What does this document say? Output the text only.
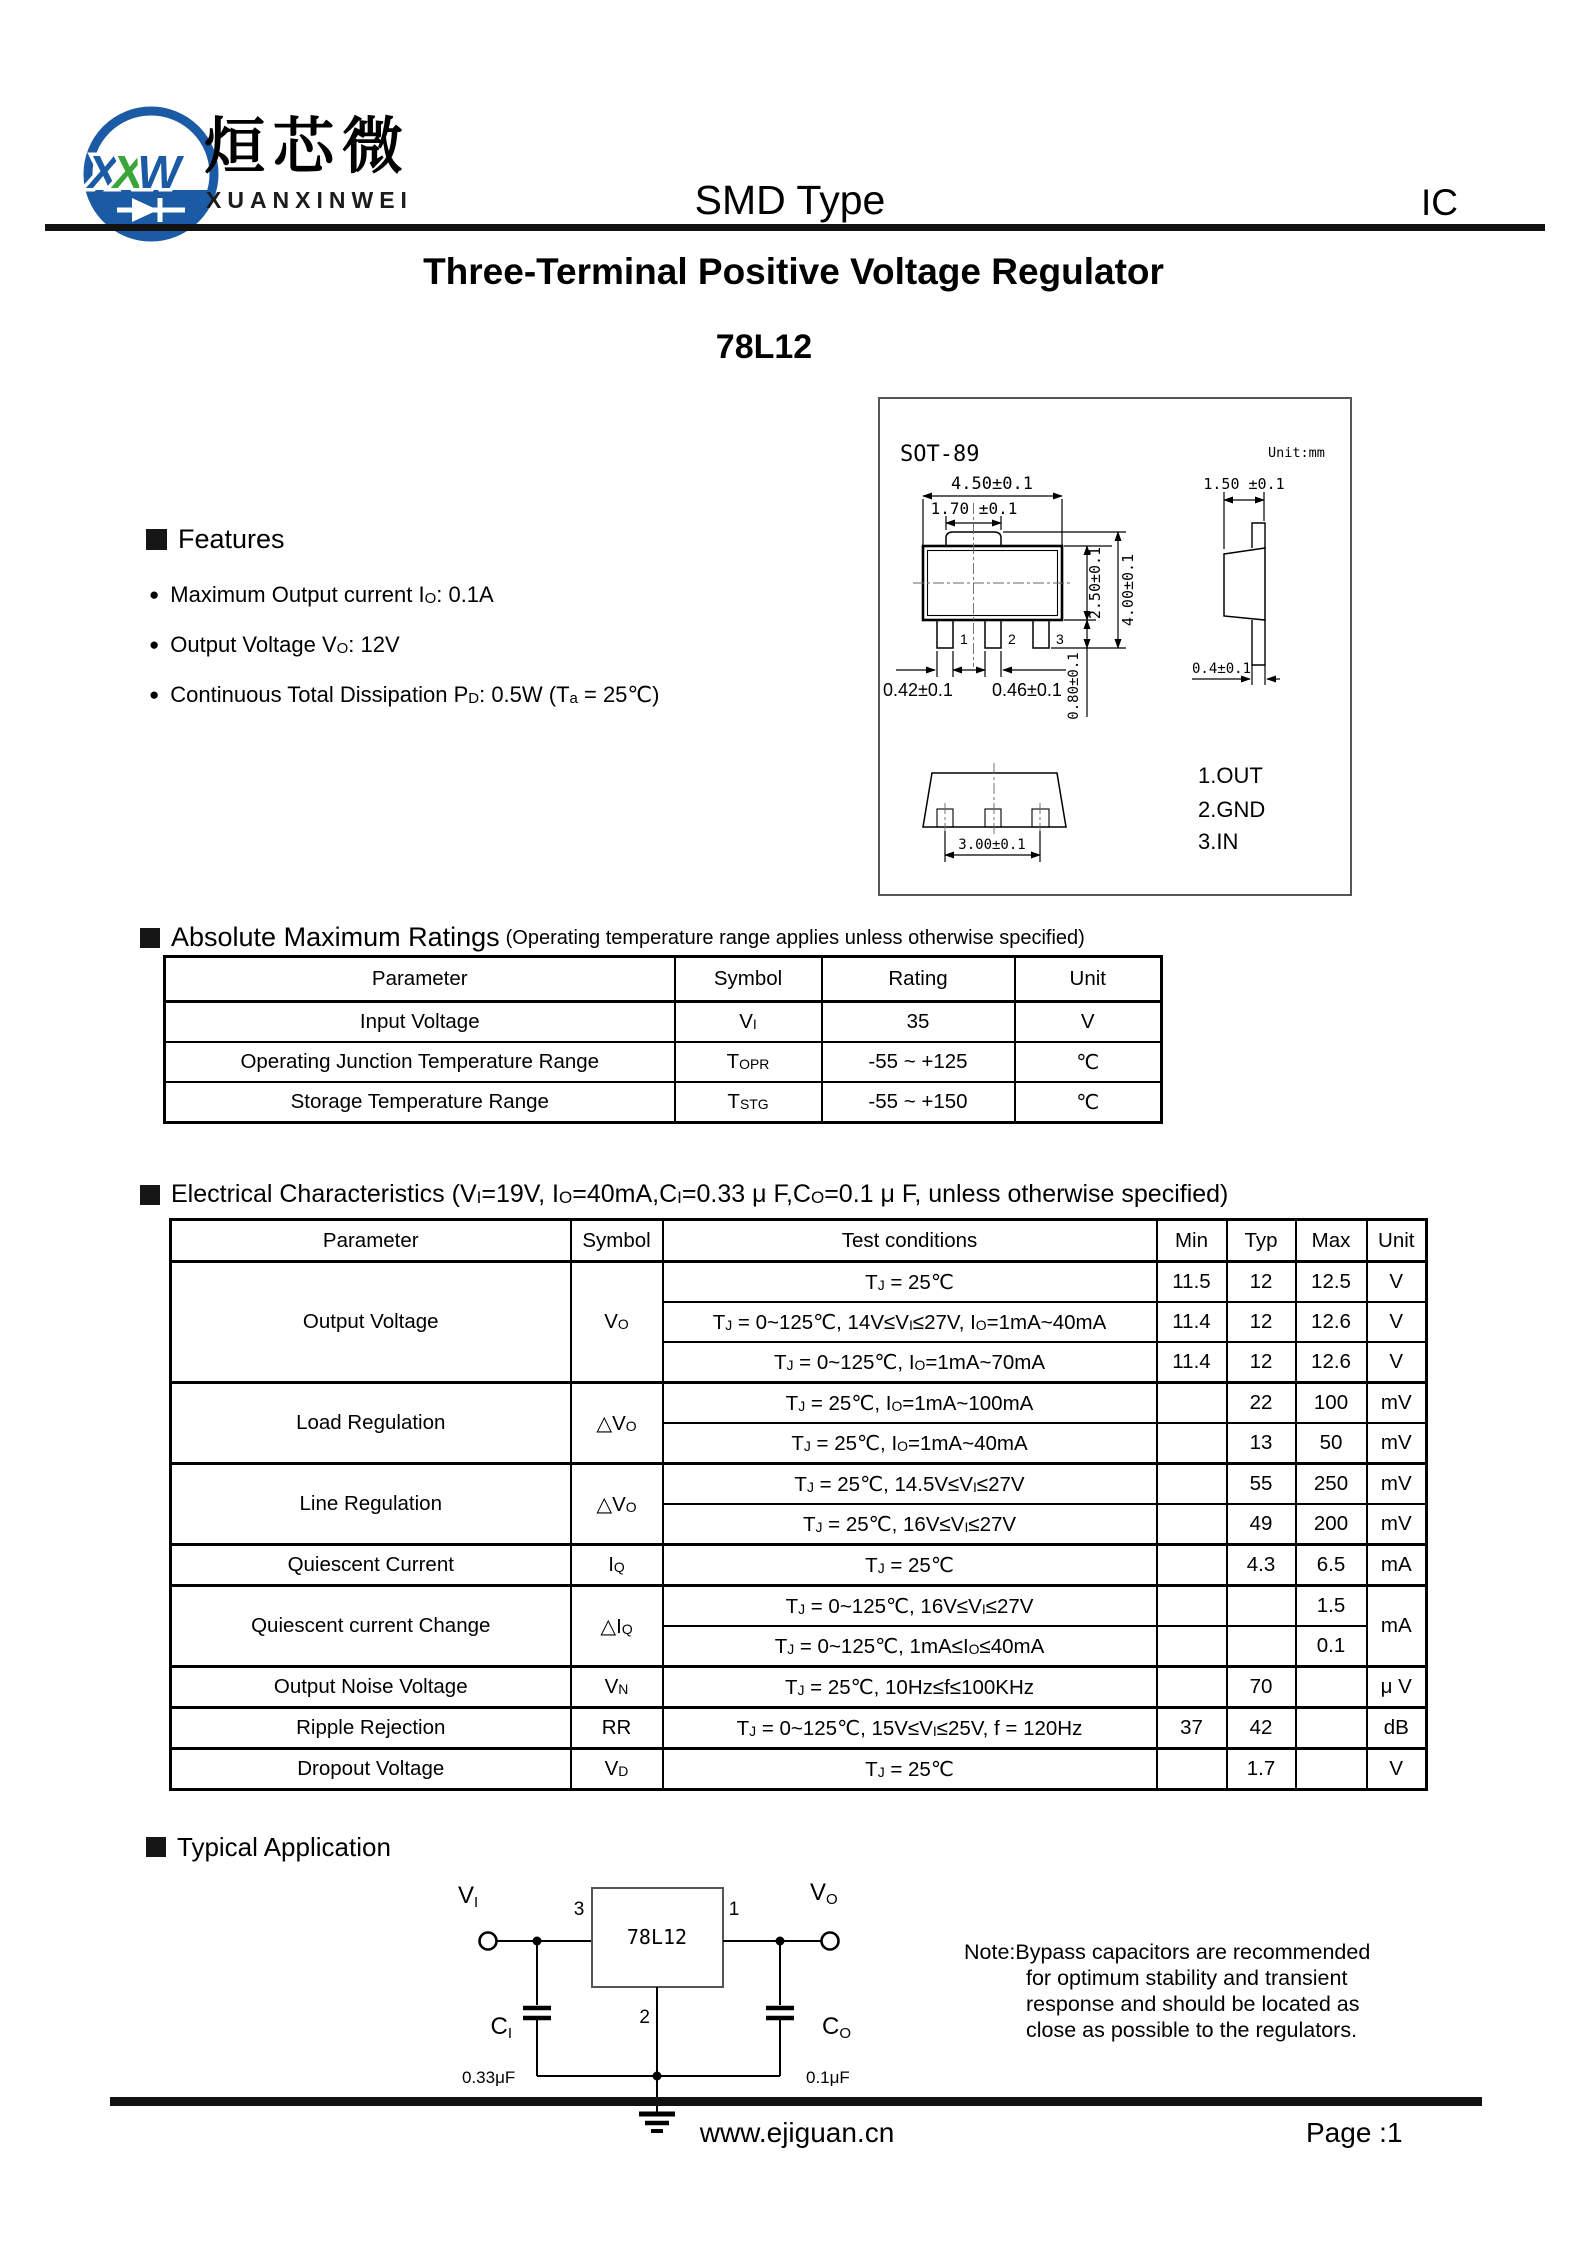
XXW 烜芯微
XUANXINWEI	SMD Type	IC
Three-Terminal Positive Voltage Regulator
78L12
Features
● Maximum Output current $I_O$: 0.1A
● Output Voltage $V_O$: 12V
● Continuous Total Dissipation $P_D$: 0.5W ($T_a$ = 25℃)
SOT-89	Unit:mm
4.50±0.1
1.70 ±0.1
1	2	3
2.50±0.1 4.00±0.1
0.80±0.1
0.42±0.1 0.46±0.1
1.50 ±0.1
0.4±0.1
3.00±0.1
1.OUT
2.GND
3.IN
Absolute Maximum Ratings (Operating temperature range applies unless otherwise specified)
Parameter	Symbol	Rating	Unit
Input Voltage	$V_I$	35	V
Operating Junction Temperature Range	$T_{OPR}$	-55 ~ +125	℃
Storage Temperature Range	$T_{STG}$	-55 ~ +150	℃
Electrical Characteristics ($V_I=19V$, $I_O=40mA,C_I=0.33$ μ $F,C_O=0.1$ μ F, unless otherwise specified)
Parameter	Symbol	Test conditions	Min	Typ	Max	Unit
Output Voltage	$V_O$	$T_J$ = 25℃	11.5	12	12.5	V
		$T_J$ = 0~125℃, $14V\le V_I\le 27V$, $I_O=1mA\sim 40mA$	11.4	12	12.6	V
		$T_J$ = 0~125℃, $I_O=1mA\sim 70mA$	11.4	12	12.6	V
Load Regulation	$\triangle V_O$	$T_J$ = 25℃, $I_O=1mA\sim 100mA$		22	100	mV
		$T_J$ = 25℃, $I_O=1mA\sim 40mA$		13	50	mV
Line Regulation	$\triangle V_O$	$T_J$ = 25℃, $14.5V\le V_I\le 27V$		55	250	mV
		$T_J$ = 25℃, $16V\le V_I\le 27V$		49	200	mV
Quiescent Current	$I_Q$	$T_J$ = 25℃		4.3	6.5	mA
Quiescent current Change	$\triangle I_Q$	$T_J$ = 0~125℃, $16V\le V_I\le 27V$			1.5	mA
		$T_J$ = 0~125℃, $1mA\le I_O\le 40mA$			0.1	
Output Noise Voltage	$V_N$	$T_J$ = 25℃, 10Hz≤f≤100KHz		70		μ V
Ripple Rejection	RR	$T_J$ = 0~125℃, $15V\le V_I\le 25V$, f = 120Hz	37	42		dB
Dropout Voltage	$V_D$	$T_J$ = 25℃		1.7		V
Typical Application
78L12
VI	VO
3	1
2
CI	CO
0.33μF	0.1μF
Note:Bypass capacitors are recommended
for optimum stability and transient
response and should be located as
close as possible to the regulators.
www.ejiguan.cn	Page :1
